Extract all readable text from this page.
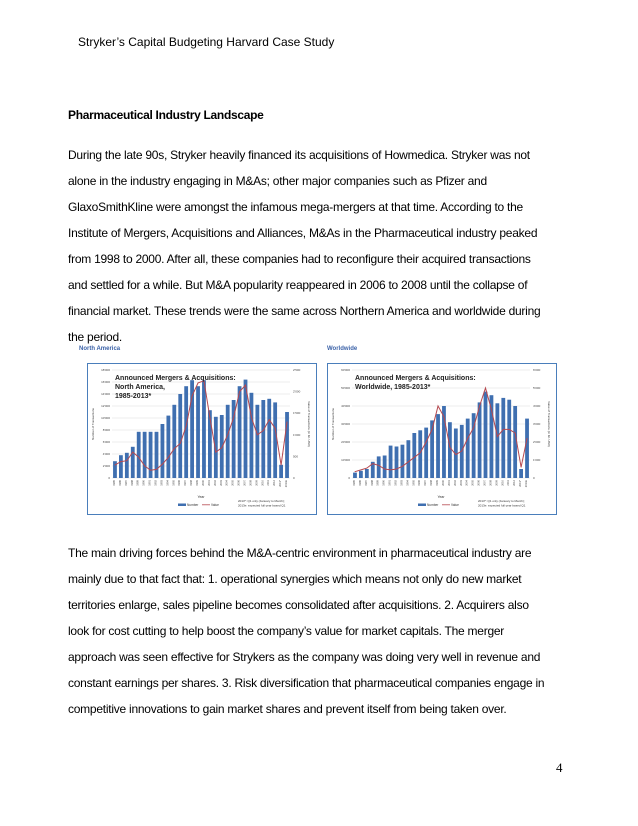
Stryker’s Capital Budgeting Harvard Case Study
Pharmaceutical Industry Landscape
During the late 90s, Stryker heavily financed its acquisitions of Howmedica. Stryker was not
alone in the industry engaging in M&As; other major companies such as Pfizer and
GlaxoSmithKline were amongst the infamous mega-mergers at that time. According to the
Institute of Mergers, Acquisitions and Alliances, M&As in the Pharmaceutical industry peaked
from 1998 to 2000. After all, these companies had to reconfigure their acquired transactions
and settled for a while. But M&A popularity reappeared in 2006 to 2008 until the collapse of
financial market. These trends were the same across Northern America and worldwide during
the period.
North America
0
2'000
4'000
6'000
8'000
10'000
12'000
14'000
16'000
18'000
0
500
1'000
1'500
2'000
2'500
1985	1986	1987	1988	1989	1990	1991	1992	1993	1994	1995	1996	1997	1998	1999	2000	2001	2002	2003	2004	2005	2006	2007	2008	2009	2010	2011	2012	2013*	2013e
Announced Mergers & Acquisitions:
North America,
1985-2013*
Year
Number of Transactions	Value of Transactions (in bil. USD)
Number	Value
2013*: Q1 only (January to March);
2013e: expected full year based Q1
Worldwide
0
10'000
20'000
30'000
40'000
50'000
60'000
0
1'000
2'000
3'000
4'000
5'000
6'000
1985	1986	1987	1988	1989	1990	1991	1992	1993	1994	1995	1996	1997	1998	1999	2000	2001	2002	2003	2004	2005	2006	2007	2008	2009	2010	2011	2012	2013*	2013e
Announced Mergers & Acquisitions:
Worldwide, 1985-2013*
Year
Number of Transactions	Value of Transactions (in bil. USD)
Number	Value
2013*: Q1 only (January to March);
2013e: expected full year based Q1
The main driving forces behind the M&A-centric environment in pharmaceutical industry are
mainly due to that fact that: 1. operational synergies which means not only do new market
territories enlarge, sales pipeline becomes consolidated after acquisitions. 2. Acquirers also
look for cost cutting to help boost the company’s value for market capitals. The merger
approach was seen effective for Strykers as the company was doing very well in revenue and
constant earnings per shares. 3. Risk diversification that pharmaceutical companies engage in
competitive innovations to gain market shares and prevent itself from being taken over.
4
